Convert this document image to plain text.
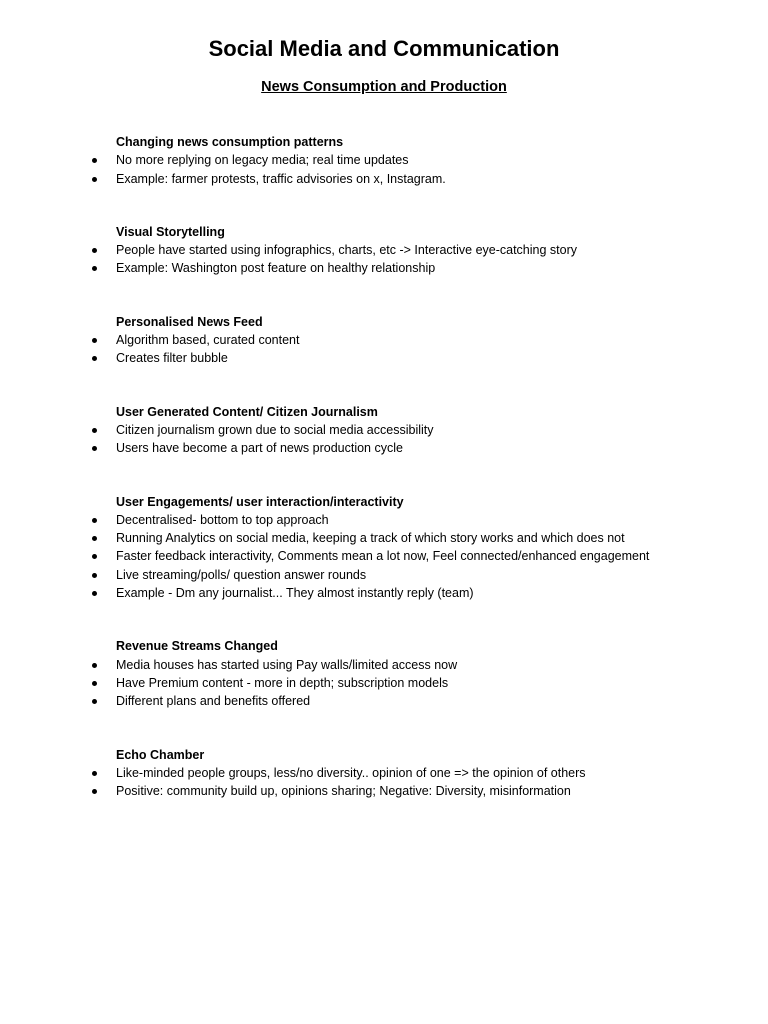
Social Media and Communication
News Consumption and Production
Changing news consumption patterns
No more replying on legacy media; real time updates
Example: farmer protests, traffic advisories on x, Instagram.
Visual Storytelling
People have started using infographics, charts, etc -> Interactive eye-catching story
Example: Washington post feature on healthy relationship
Personalised News Feed
Algorithm based, curated content
Creates filter bubble
User Generated Content/ Citizen Journalism
Citizen journalism grown due to social media accessibility
Users have become a part of news production cycle
User Engagements/ user interaction/interactivity
Decentralised- bottom to top approach
Running Analytics on social media, keeping a track of which story works and which does not
Faster feedback interactivity, Comments mean a lot now, Feel connected/enhanced engagement
Live streaming/polls/ question answer rounds
Example - Dm any journalist... They almost instantly reply (team)
Revenue Streams Changed
Media houses has started using Pay walls/limited access now
Have Premium content - more in depth; subscription models
Different plans and benefits offered
Echo Chamber
Like-minded people groups, less/no diversity.. opinion of one => the opinion of others
Positive: community build up, opinions sharing; Negative: Diversity, misinformation
